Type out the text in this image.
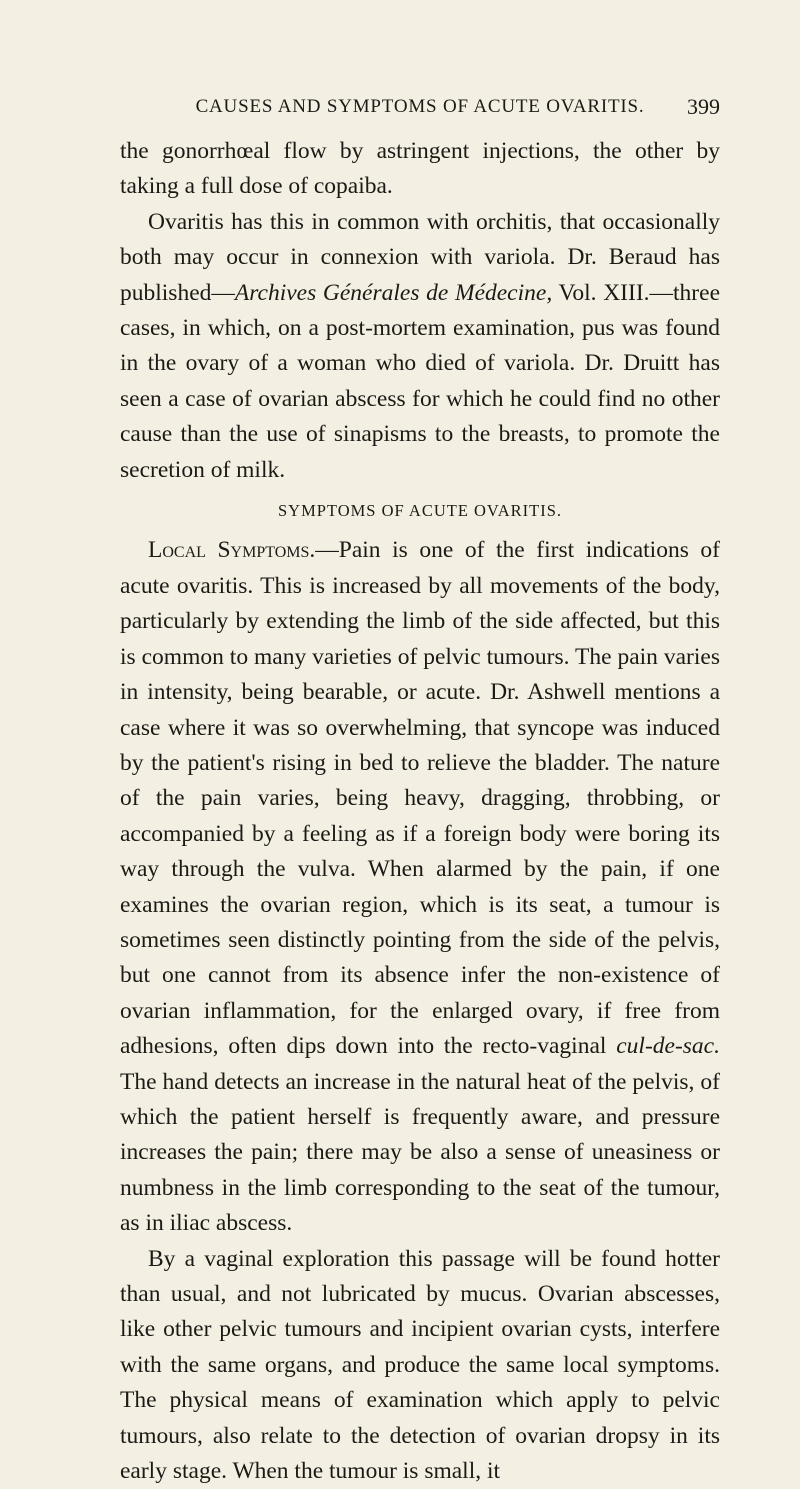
CAUSES AND SYMPTOMS OF ACUTE OVARITIS.	399

the gonorrhœal flow by astringent injections, the other by taking a full dose of copaiba.

Ovaritis has this in common with orchitis, that occasionally both may occur in connexion with variola. Dr. Beraud has published—Archives Générales de Médecine, Vol. XIII.—three cases, in which, on a post-mortem examination, pus was found in the ovary of a woman who died of variola. Dr. Druitt has seen a case of ovarian abscess for which he could find no other cause than the use of sinapisms to the breasts, to promote the secretion of milk.

SYMPTOMS OF ACUTE OVARITIS.

Local Symptoms.—Pain is one of the first indications of acute ovaritis. This is increased by all movements of the body, particularly by extending the limb of the side affected, but this is common to many varieties of pelvic tumours. The pain varies in intensity, being bearable, or acute. Dr. Ashwell mentions a case where it was so overwhelming, that syncope was induced by the patient's rising in bed to relieve the bladder. The nature of the pain varies, being heavy, dragging, throbbing, or accompanied by a feeling as if a foreign body were boring its way through the vulva. When alarmed by the pain, if one examines the ovarian region, which is its seat, a tumour is sometimes seen distinctly pointing from the side of the pelvis, but one cannot from its absence infer the non-existence of ovarian inflammation, for the enlarged ovary, if free from adhesions, often dips down into the recto-vaginal cul-de-sac. The hand detects an increase in the natural heat of the pelvis, of which the patient herself is frequently aware, and pressure increases the pain; there may be also a sense of uneasiness or numbness in the limb corresponding to the seat of the tumour, as in iliac abscess.

By a vaginal exploration this passage will be found hotter than usual, and not lubricated by mucus. Ovarian abscesses, like other pelvic tumours and incipient ovarian cysts, interfere with the same organs, and produce the same local symptoms. The physical means of examination which apply to pelvic tumours, also relate to the detection of ovarian dropsy in its early stage. When the tumour is small, it
